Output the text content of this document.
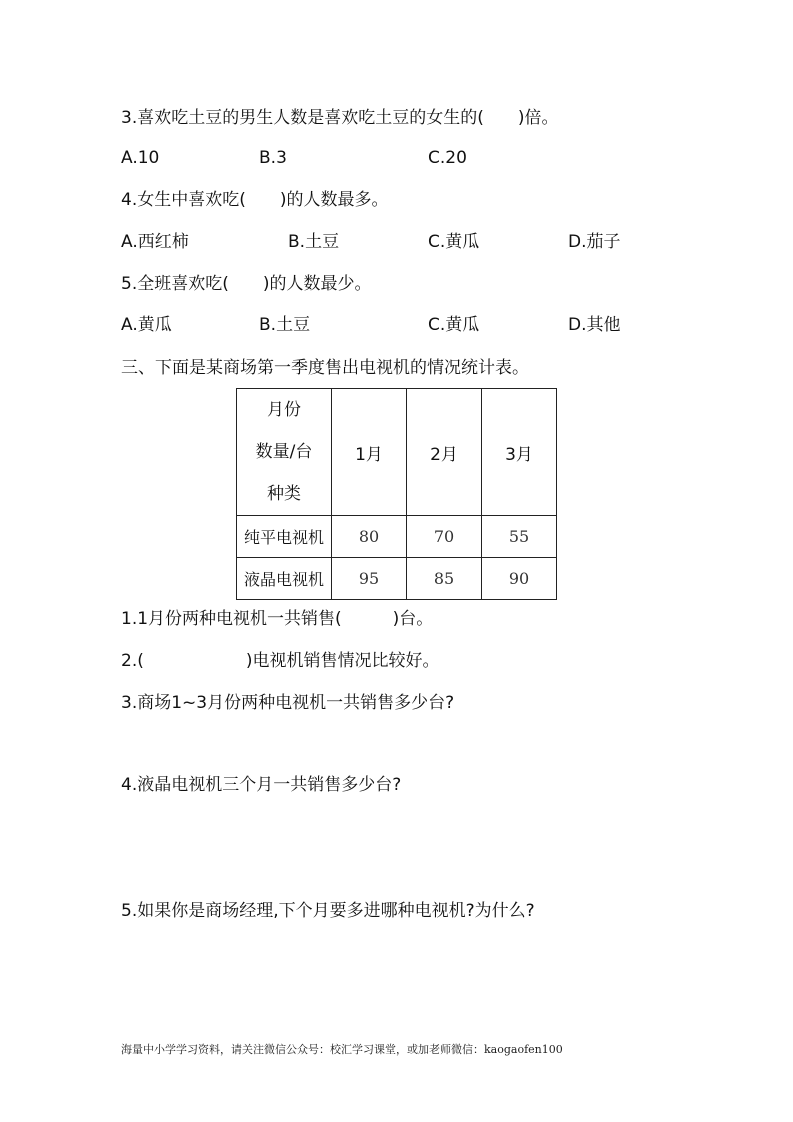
3.喜欢吃土豆的男生人数是喜欢吃土豆的女生的(　　)倍。
A.10	B.3	C.20
4.女生中喜欢吃(　　)的人数最多。
A.西红柿	B.土豆	C.黄瓜	D.茄子
5.全班喜欢吃(　　)的人数最少。
A.黄瓜	B.土豆	C.黄瓜	D.其他
三、下面是某商场第一季度售出电视机的情况统计表。
月份
数量/台
种类	1月	2月	3月
纯平电视机	80	70	55
液晶电视机	95	85	90
1.1月份两种电视机一共销售(　　　)台。
2.(　　　　　　)电视机销售情况比较好。
3.商场1~3月份两种电视机一共销售多少台?
4.液晶电视机三个月一共销售多少台?
5.如果你是商场经理,下个月要多进哪种电视机?为什么?
海量中小学学习资料，请关注微信公众号：校汇学习课堂，或加老师微信：kaogaofen100
